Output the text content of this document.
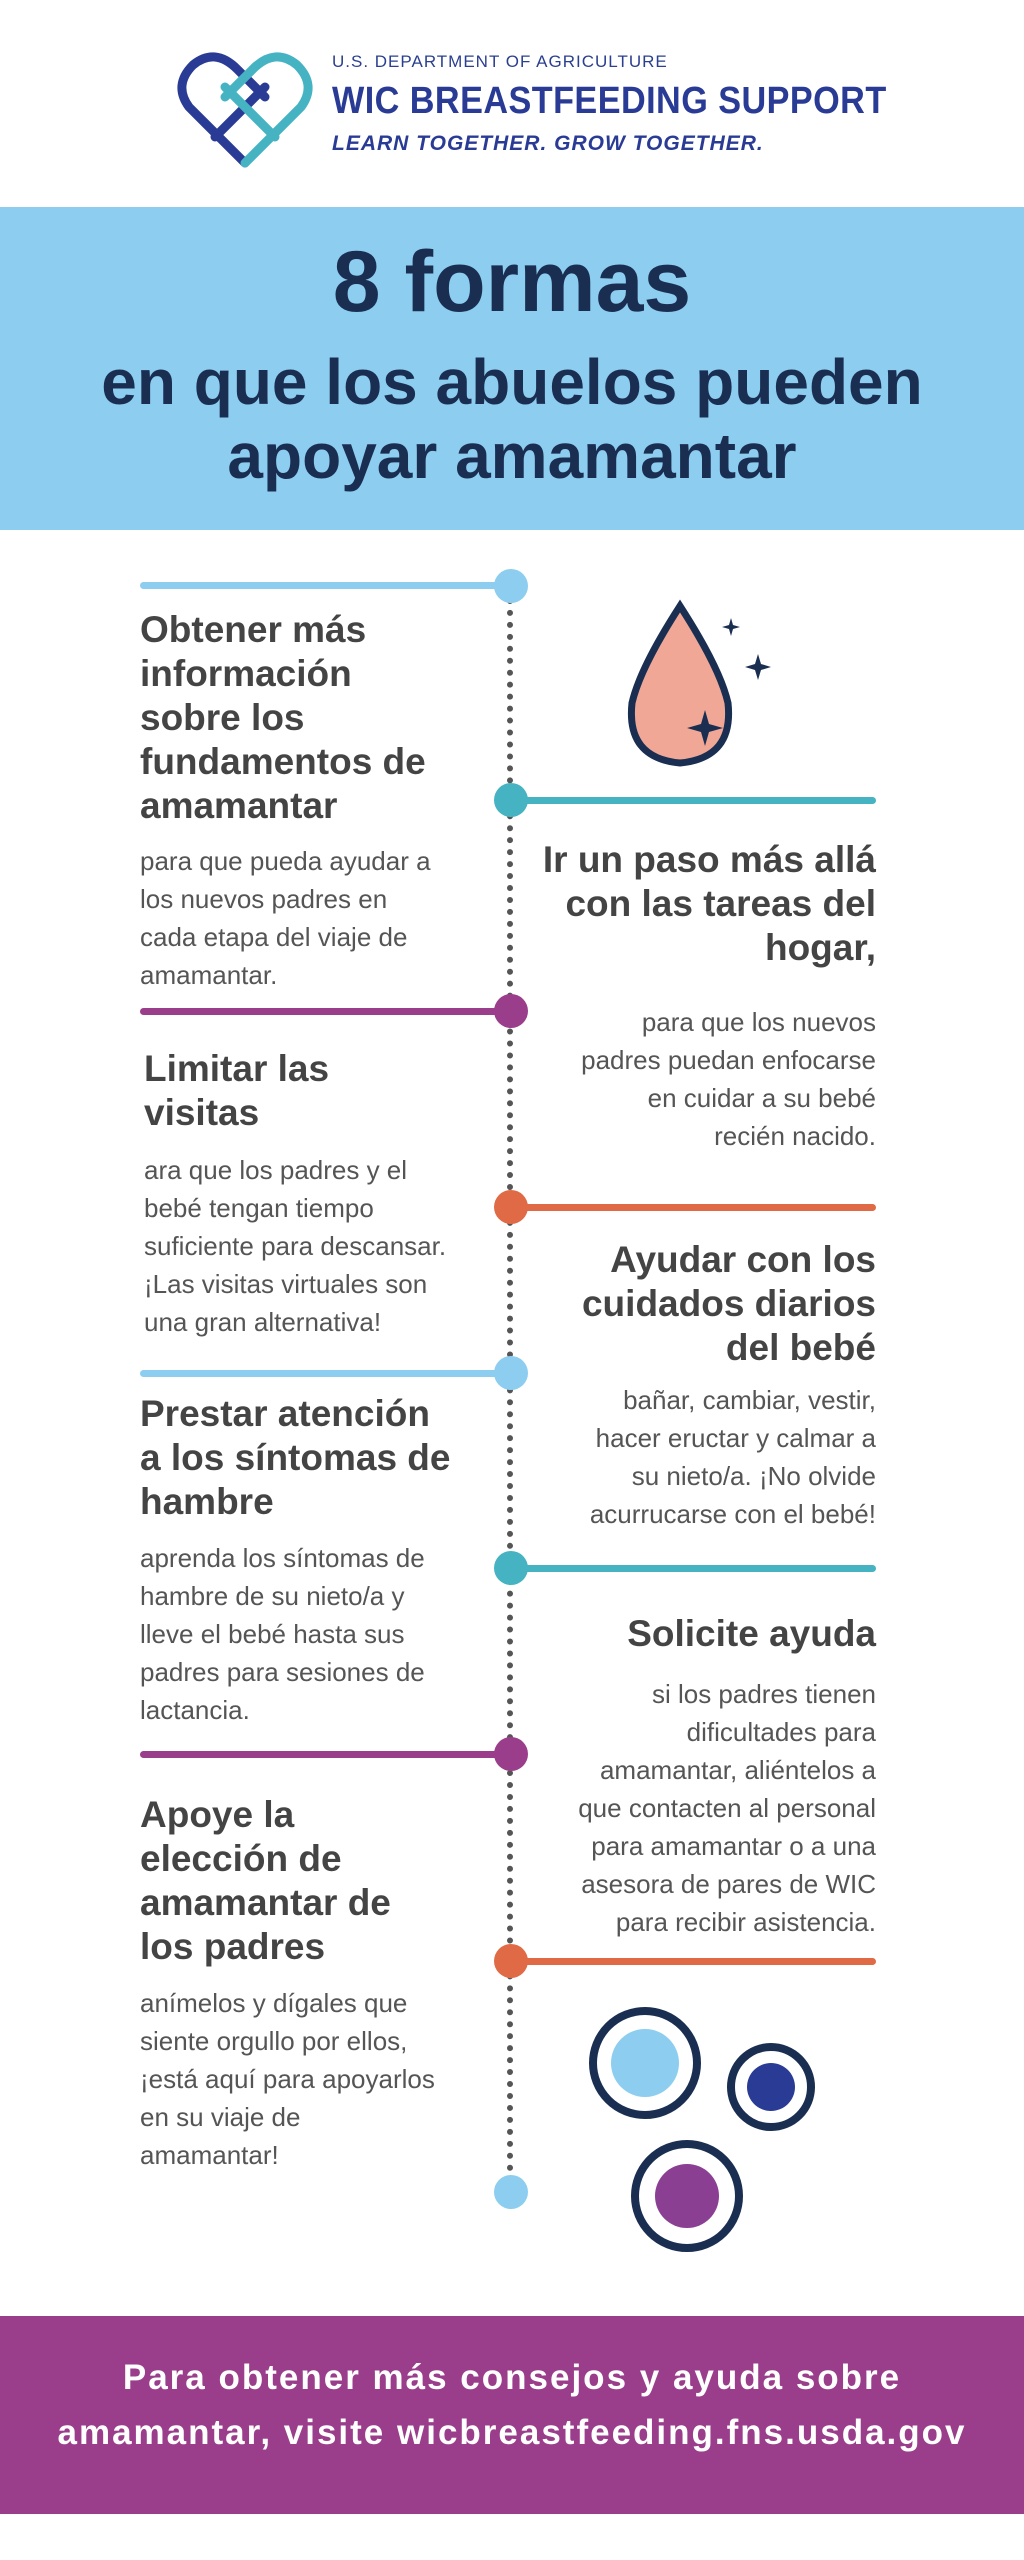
U.S. DEPARTMENT OF AGRICULTURE
WIC BREASTFEEDING SUPPORT
LEARN TOGETHER. GROW TOGETHER.
8 formas
en que los abuelos pueden
apoyar amamantar
Obtener más
información
sobre los
fundamentos de
amamantar
para que pueda ayudar a
los nuevos padres en
cada etapa del viaje de
amamantar.
Ir un paso más allá
con las tareas del
hogar,
para que los nuevos
padres puedan enfocarse
en cuidar a su bebé
recién nacido.
Limitar las
visitas
ara que los padres y el
bebé tengan tiempo
suficiente para descansar.
¡Las visitas virtuales son
una gran alternativa!
Ayudar con los
cuidados diarios
del bebé
bañar, cambiar, vestir,
hacer eructar y calmar a
su nieto/a. ¡No olvide
acurrucarse con el bebé!
Prestar atención
a los síntomas de
hambre
aprenda los síntomas de
hambre de su nieto/a y
lleve el bebé hasta sus
padres para sesiones de
lactancia.
Solicite ayuda
si los padres tienen
dificultades para
amamantar, aliéntelos a
que contacten al personal
para amamantar o a una
asesora de pares de WIC
para recibir asistencia.
Apoye la
elección de
amamantar de
los padres
anímelos y dígales que
siente orgullo por ellos,
¡está aquí para apoyarlos
en su viaje de
amamantar!
Para obtener más consejos y ayuda sobre
amamantar, visite wicbreastfeeding.fns.usda.gov
